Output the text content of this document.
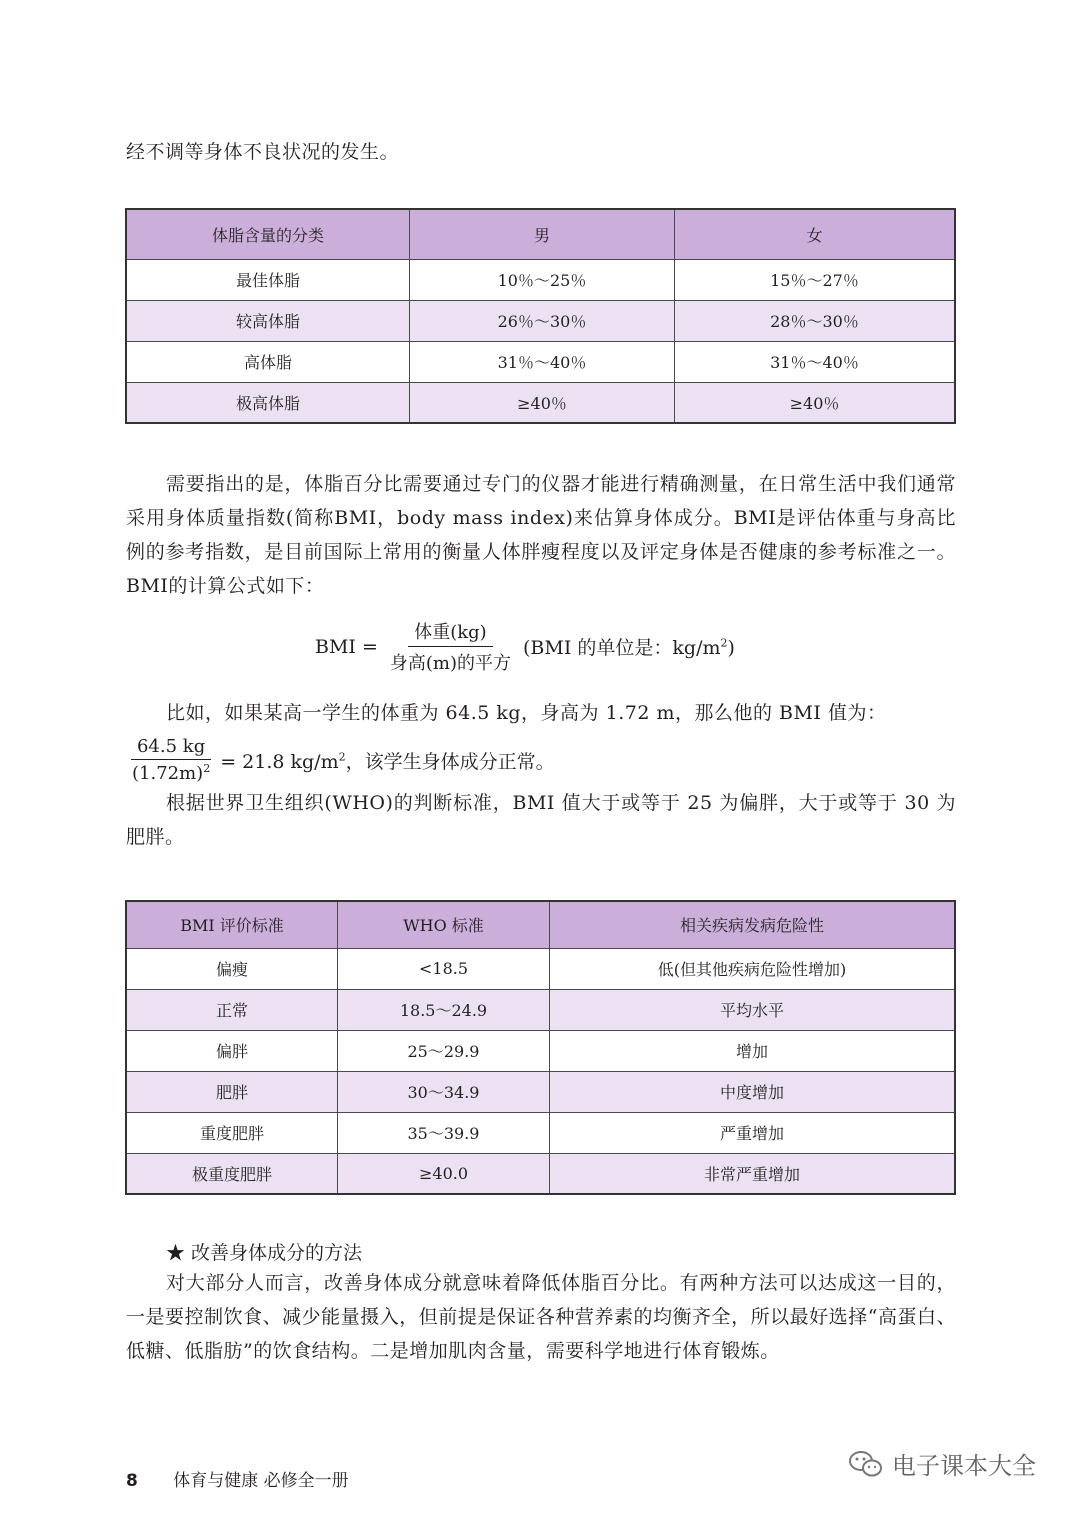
经不调等身体不良状况的发生。

体脂含量的分类	男	女
最佳体脂	10％～25％	15％～27％
较高体脂	26％～30％	28％～30％
高体脂	31％～40％	31％～40％
极高体脂	≥40％	≥40％

需要指出的是，体脂百分比需要通过专门的仪器才能进行精确测量，在日常生活中我们通常采用身体质量指数(简称BMI，body mass index)来估算身体成分。BMI是评估体重与身高比例的参考指数，是目前国际上常用的衡量人体胖瘦程度以及评定身体是否健康的参考标准之一。BMI的计算公式如下：

BMI = $\frac{\text{体重(kg)}}{\text{身高(m)的平方}} (BMI$ 的单位是：$kg/m^2$)

比如，如果某高一学生的体重为 64.5 kg，身高为 1.72 m，那么他的 BMI 值为：

$\frac{64.5 kg}{(1.72m)^2} = 21.8$ $kg/m^2$，该学生身体成分正常。

根据世界卫生组织(WHO)的判断标准，BMI 值大于或等于 25 为偏胖，大于或等于 30 为肥胖。

BMI 评价标准	WHO 标准	相关疾病发病危险性
偏瘦	<18.5	低(但其他疾病危险性增加)
正常	18.5～24.9	平均水平
偏胖	25～29.9	增加
肥胖	30～34.9	中度增加
重度肥胖	35～39.9	严重增加
极重度肥胖	≥40.0	非常严重增加
★ 改善身体成分的方法

对大部分人而言，改善身体成分就意味着降低体脂百分比。有两种方法可以达成这一目的，一是要控制饮食、减少能量摄入，但前提是保证各种营养素的均衡齐全，所以最好选择“高蛋白、低糖、低脂肪”的饮食结构。二是增加肌肉含量，需要科学地进行体育锻炼。

8 体育与健康 必修全一册
电子课本大全
